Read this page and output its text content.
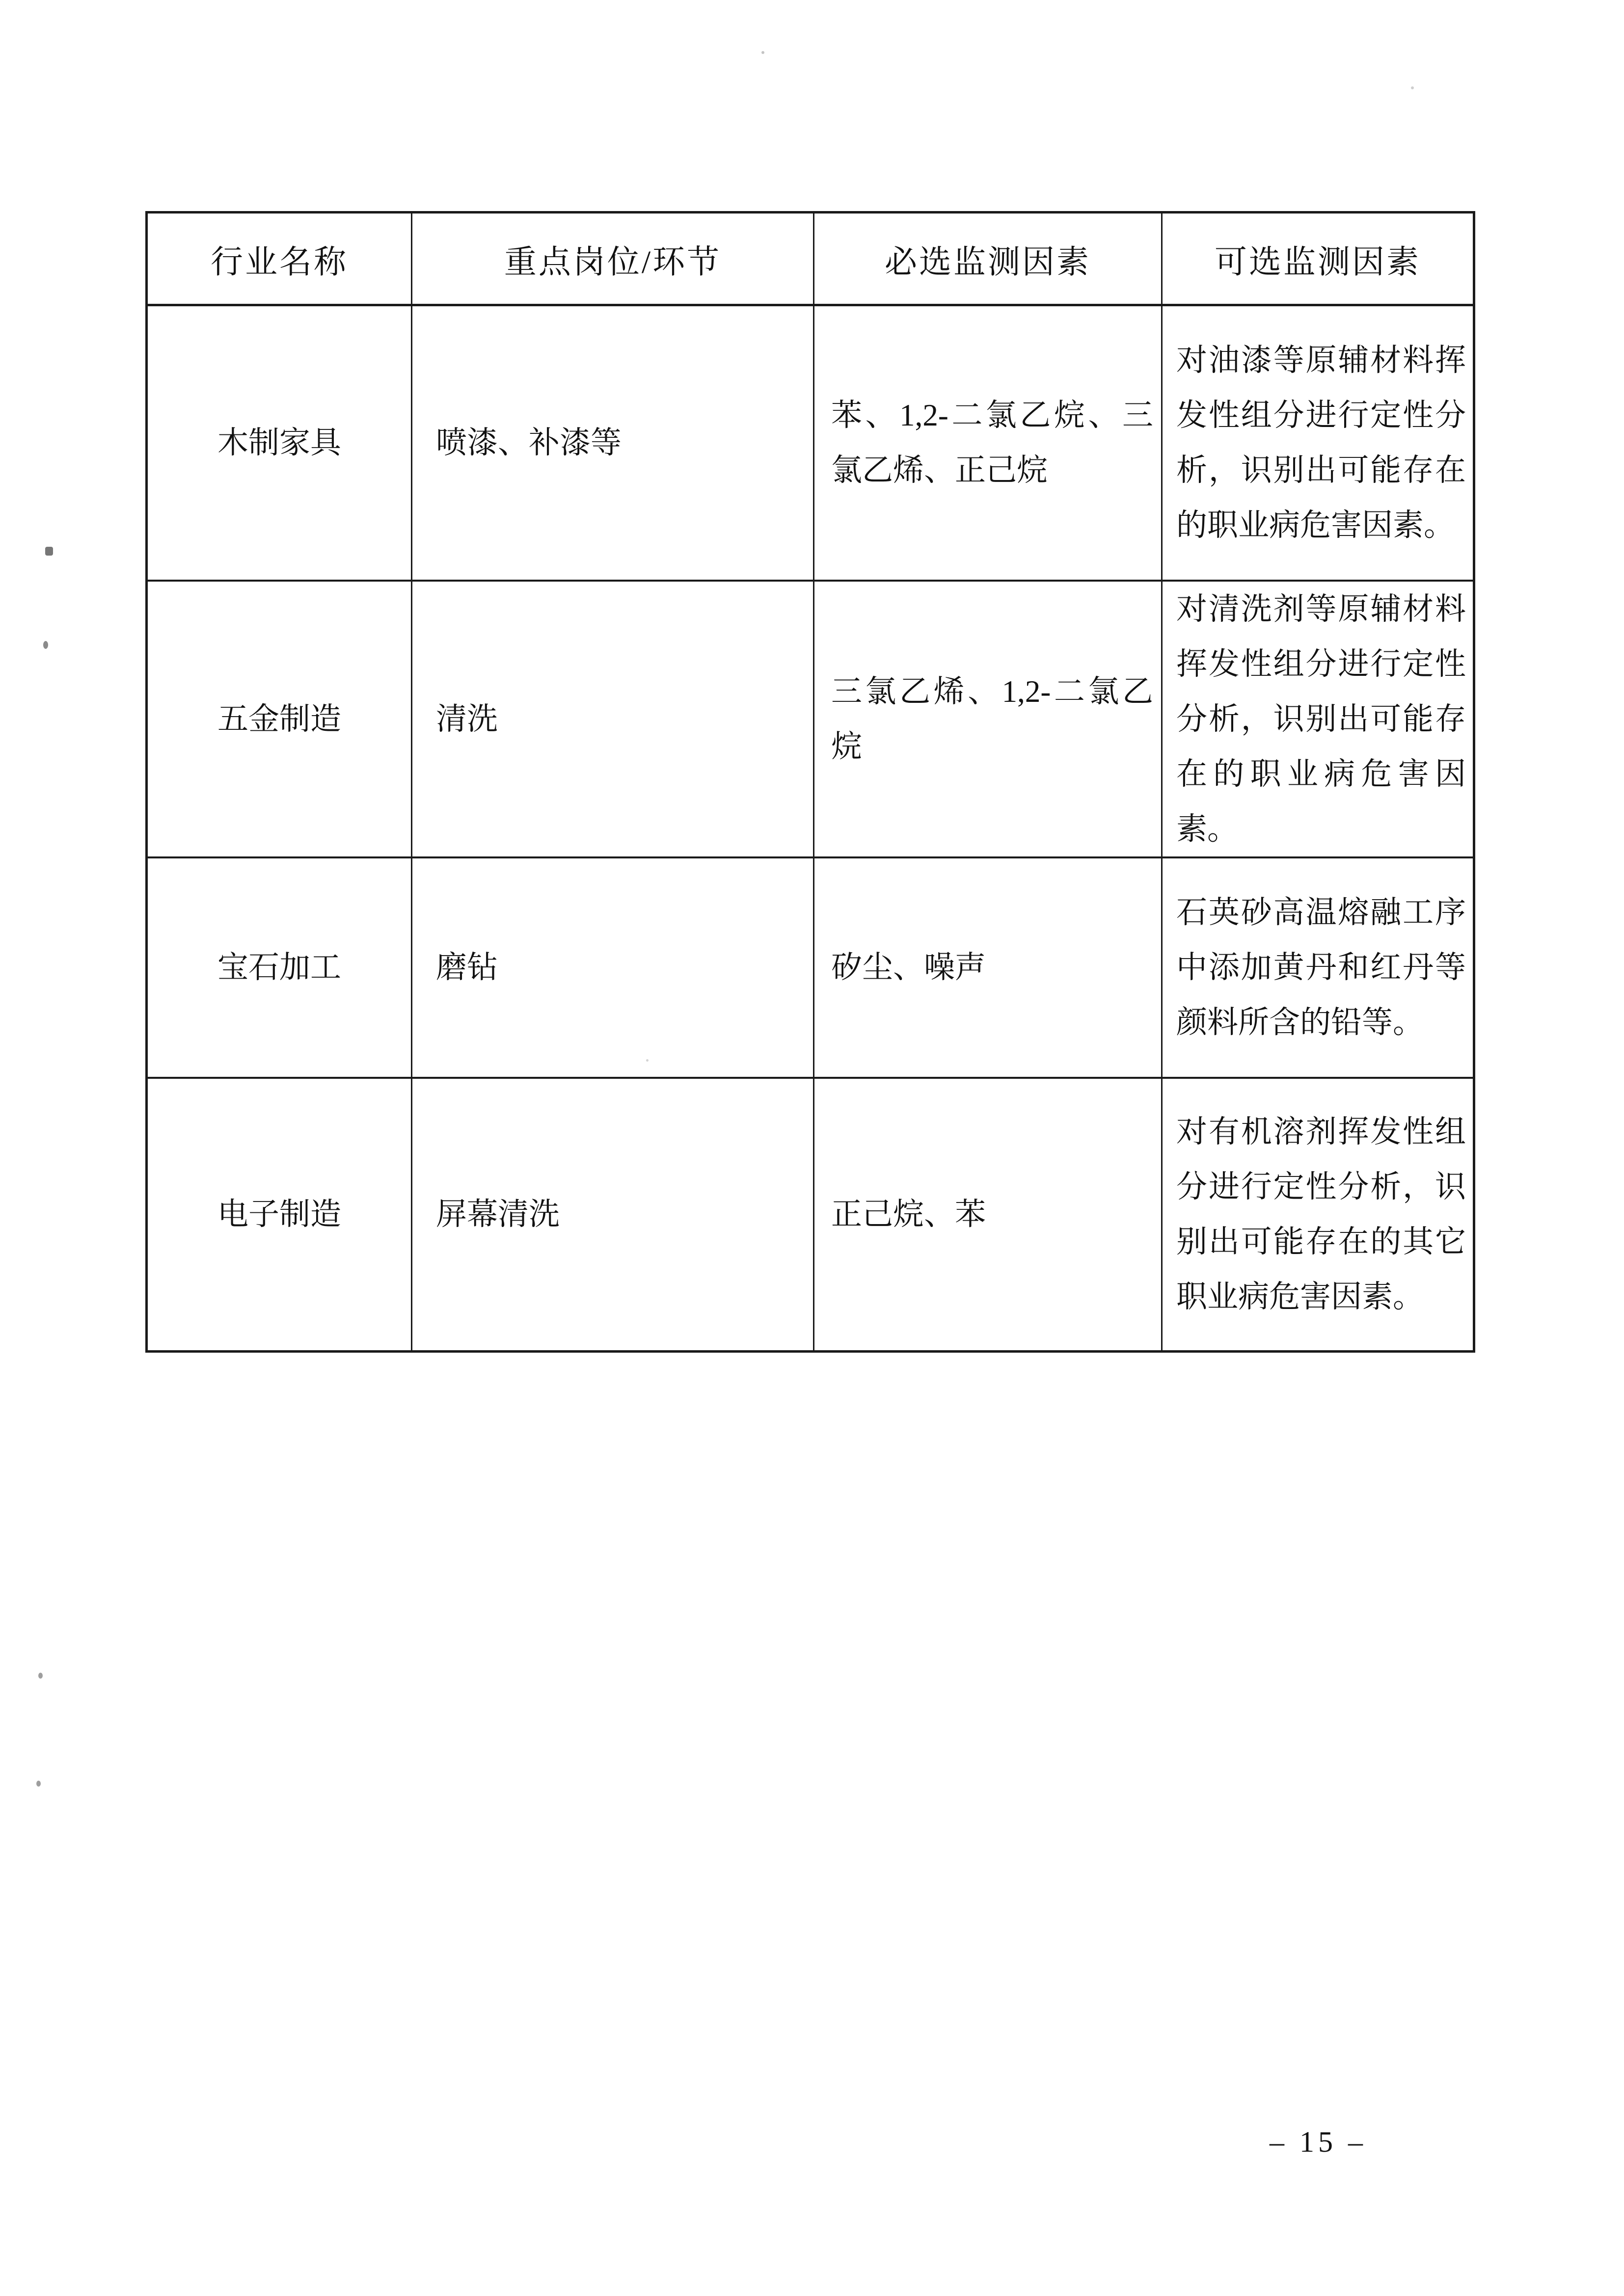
行业名称	重点岗位/环节	必选监测因素	可选监测因素
木制家具	喷漆、补漆等	苯、1,2-二氯乙烷、三氯乙烯、正己烷	对油漆等原辅材料挥发性组分进行定性分析，识别出可能存在的职业病危害因素。
五金制造	清洗	三氯乙烯、1,2-二氯乙烷	对清洗剂等原辅材料挥发性组分进行定性分析，识别出可能存在的职业病危害因素。
宝石加工	磨钻	矽尘、噪声	石英砂高温熔融工序中添加黄丹和红丹等颜料所含的铅等。
电子制造	屏幕清洗	正己烷、苯	对有机溶剂挥发性组分进行定性分析，识别出可能存在的其它职业病危害因素。
– 15 –
